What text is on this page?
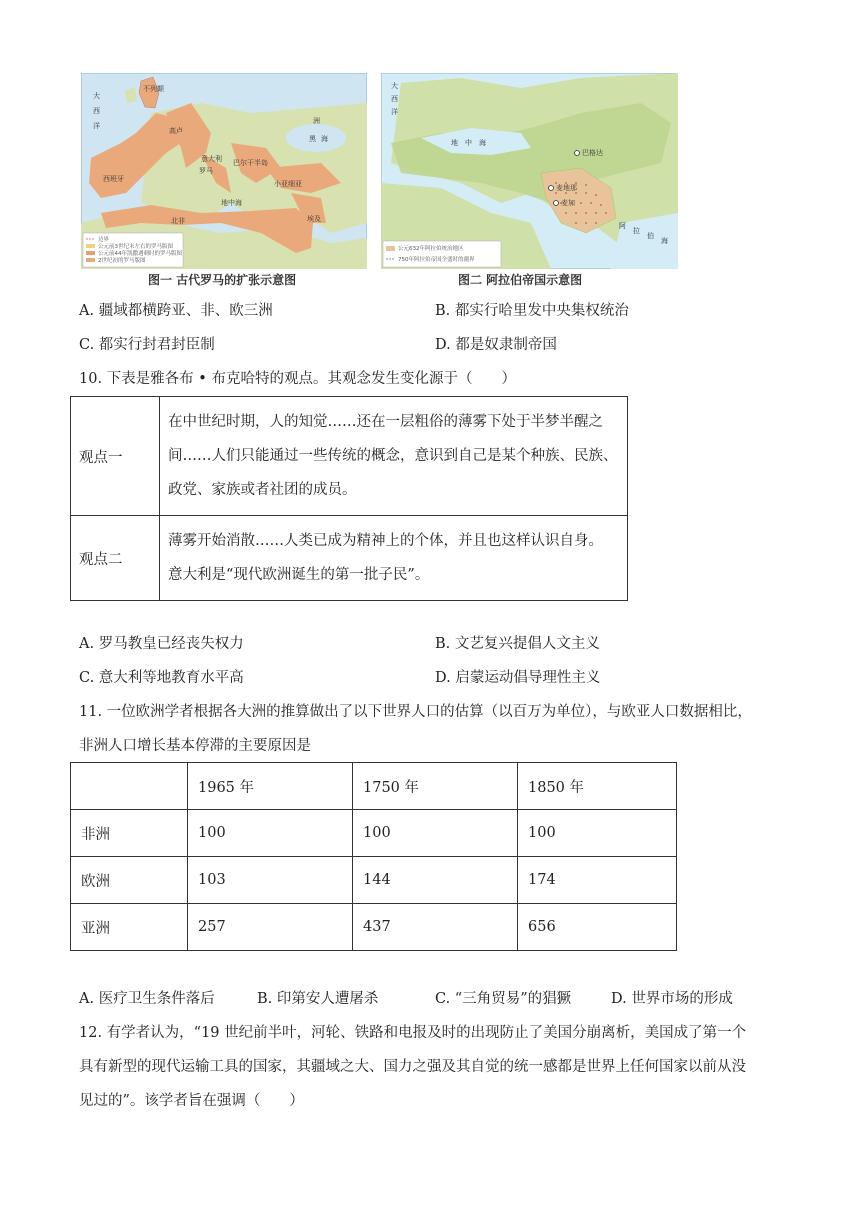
边界
公元前3世纪末左右的罗马版图
公元前44年凯撒遇刺时的罗马版图
2世纪初的罗马版图
大
西
洋
不列颠
高卢
西班牙
罗马
意大利 巴尔干半岛
小亚细亚
地中海
北非	埃及
黑 海
洲
图一 古代罗马的扩张示意图
公元632年阿拉伯统治地区
750年阿拉伯帝国全盛时的疆界
大
西
洋
地 中 海
巴格达
麦地那
麦加
阿
拉
伯
海
图二 阿拉伯帝国示意图
A. 疆域都横跨亚、非、欧三洲	B. 都实行哈里发中央集权统治
C. 都实行封君封臣制	D. 都是奴隶制帝国
10. 下表是雅各布 • 布克哈特的观点。其观念发生变化源于（　　）
观点一	在中世纪时期，人的知觉……还在一层粗俗的薄雾下处于半梦半醒之
间……人们只能通过一些传统的概念，意识到自己是某个种族、民族、
政党、家族或者社团的成员。

观点二	薄雾开始消散……人类已成为精神上的个体，并且也这样认识自身。
意大利是“现代欧洲诞生的第一批子民”。
A. 罗马教皇已经丧失权力	B. 文艺复兴提倡人文主义
C. 意大利等地教育水平高	D. 启蒙运动倡导理性主义
11. 一位欧洲学者根据各大洲的推算做出了以下世界人口的估算（以百万为单位），与欧亚人口数据相比，
非洲人口增长基本停滞的主要原因是
	1965 年	1750 年	1850 年
非洲	100	100	100
欧洲	103	144	174
亚洲	257	437	656
A. 医疗卫生条件落后	B. 印第安人遭屠杀	C. “三角贸易”的猖獗	D. 世界市场的形成
12. 有学者认为，“19 世纪前半叶，河轮、铁路和电报及时的出现防止了美国分崩离析，美国成了第一个
具有新型的现代运输工具的国家，其疆域之大、国力之强及其自觉的统一感都是世界上任何国家以前从没
见过的”。该学者旨在强调（　　）
